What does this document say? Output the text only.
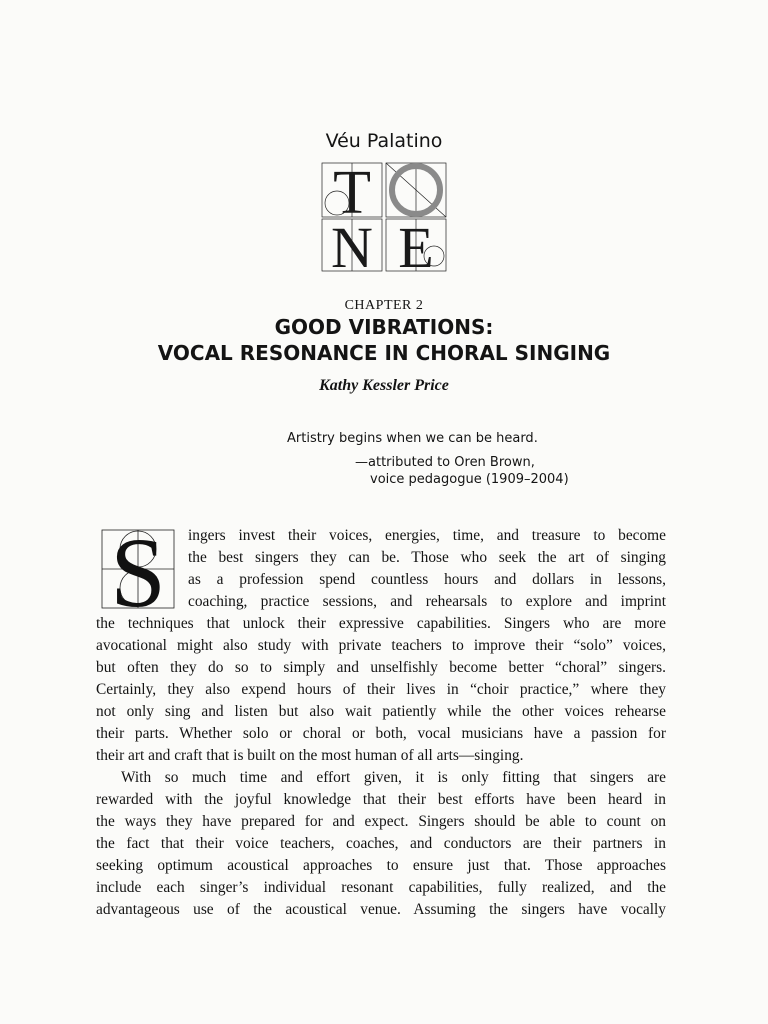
Véu Palatino
T
N E
CHAPTER 2
GOOD VIBRATIONS:
VOCAL RESONANCE IN CHORAL SINGING
Kathy Kessler Price
Artistry begins when we can be heard.
—attributed to Oren Brown,
voice pedagogue (1909–2004)
S ingers invest their voices, energies, time, and treasure to become
the best singers they can be. Those who seek the art of singing
as a profession spend countless hours and dollars in lessons,
coaching, practice sessions, and rehearsals to explore and imprint
the techniques that unlock their expressive capabilities. Singers who are more
avocational might also study with private teachers to improve their “solo” voices,
but often they do so to simply and unselfishly become better “choral” singers.
Certainly, they also expend hours of their lives in “choir practice,” where they
not only sing and listen but also wait patiently while the other voices rehearse
their parts. Whether solo or choral or both, vocal musicians have a passion for
their art and craft that is built on the most human of all arts—singing.
With so much time and effort given, it is only fitting that singers are
rewarded with the joyful knowledge that their best efforts have been heard in
the ways they have prepared for and expect. Singers should be able to count on
the fact that their voice teachers, coaches, and conductors are their partners in
seeking optimum acoustical approaches to ensure just that. Those approaches
include each singer’s individual resonant capabilities, fully realized, and the
advantageous use of the acoustical venue. Assuming the singers have vocally
